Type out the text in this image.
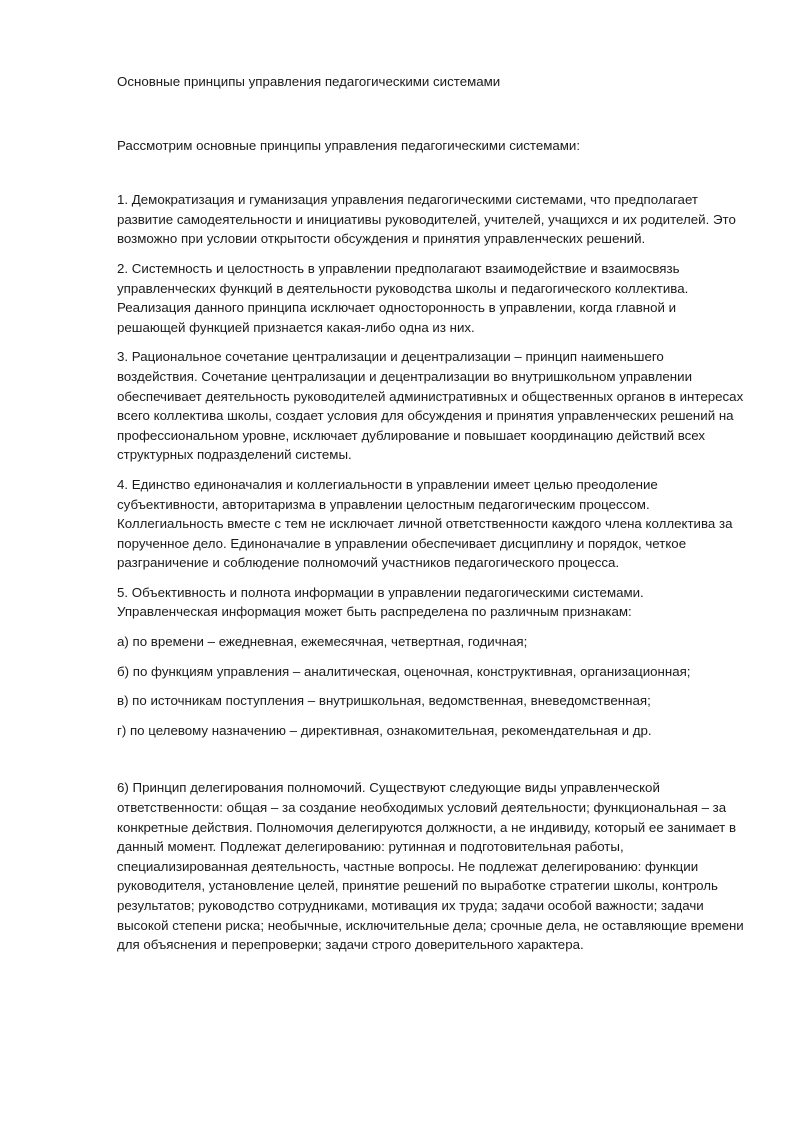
Основные принципы управления педагогическими системами

Рассмотрим основные принципы управления педагогическими системами:

1. Демократизация и гуманизация управления педагогическими системами, что предполагает развитие самодеятельности и инициативы руководителей, учителей, учащихся и их родителей. Это возможно при условии открытости обсуждения и принятия управленческих решений.

2. Системность и целостность в управлении предполагают взаимодействие и взаимосвязь управленческих функций в деятельности руководства школы и педагогического коллектива. Реализация данного принципа исключает односторонность в управлении, когда главной и решающей функцией признается какая-либо одна из них.

3. Рациональное сочетание централизации и децентрализации – принцип наименьшего воздействия. Сочетание централизации и децентрализации во внутришкольном управлении обеспечивает деятельность руководителей административных и общественных органов в интересах всего коллектива школы, создает условия для обсуждения и принятия управленческих решений на профессиональном уровне, исключает дублирование и повышает координацию действий всех структурных подразделений системы.

4. Единство единоначалия и коллегиальности в управлении имеет целью преодоление субъективности, авторитаризма в управлении целостным педагогическим процессом. Коллегиальность вместе с тем не исключает личной ответственности каждого члена коллектива за порученное дело. Единоначалие в управлении обеспечивает дисциплину и порядок, четкое разграничение и соблюдение полномочий участников педагогического процесса.

5. Объективность и полнота информации в управлении педагогическими системами. Управленческая информация может быть распределена по различным признакам:

а) по времени – ежедневная, ежемесячная, четвертная, годичная;

б) по функциям управления – аналитическая, оценочная, конструктивная, организационная;

в) по источникам поступления – внутришкольная, ведомственная, вневедомственная;

г) по целевому назначению – директивная, ознакомительная, рекомендательная и др.

6) Принцип делегирования полномочий. Существуют следующие виды управленческой ответственности: общая – за создание необходимых условий деятельности; функциональная – за конкретные действия. Полномочия делегируются должности, а не индивиду, который ее занимает в данный момент. Подлежат делегированию: рутинная и подготовительная работы, специализированная деятельность, частные вопросы. Не подлежат делегированию: функции руководителя, установление целей, принятие решений по выработке стратегии школы, контроль результатов; руководство сотрудниками, мотивация их труда; задачи особой важности; задачи высокой степени риска; необычные, исключительные дела; срочные дела, не оставляющие времени для объяснения и перепроверки; задачи строго доверительного характера.
